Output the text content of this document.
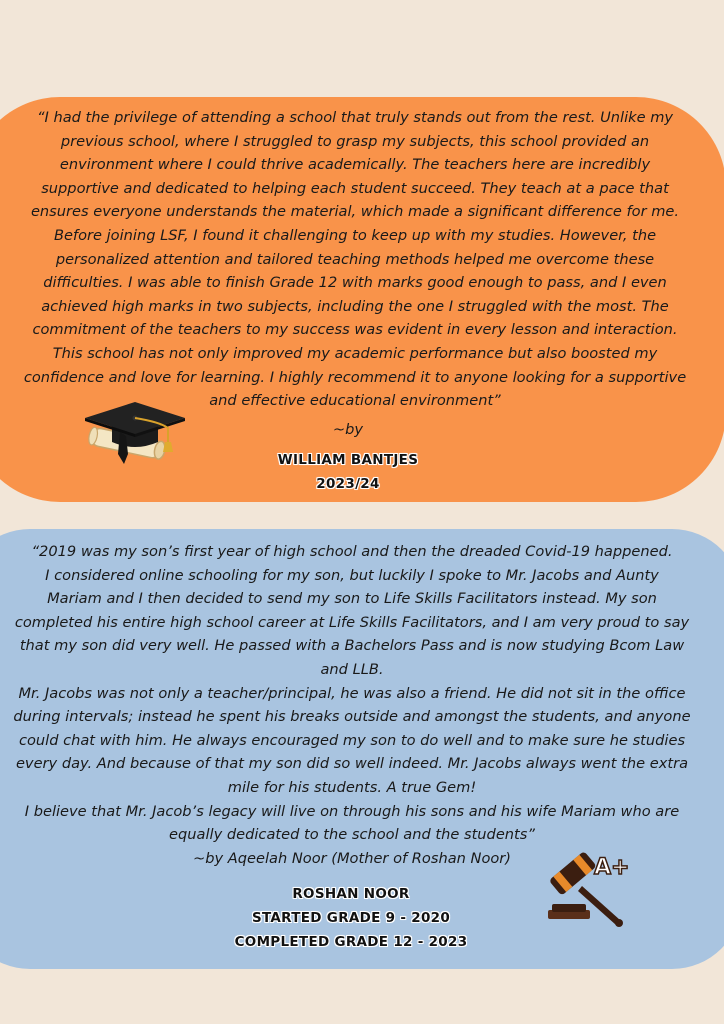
“I had the privilege of attending a school that truly stands out from the rest. Unlike my
previous school, where I struggled to grasp my subjects, this school provided an
environment where I could thrive academically. The teachers here are incredibly
supportive and dedicated to helping each student succeed. They teach at a pace that
ensures everyone understands the material, which made a significant difference for me.
Before joining LSF, I found it challenging to keep up with my studies. However, the
personalized attention and tailored teaching methods helped me overcome these
difficulties. I was able to finish Grade 12 with marks good enough to pass, and I even
achieved high marks in two subjects, including the one I struggled with the most. The
commitment of the teachers to my success was evident in every lesson and interaction.
This school has not only improved my academic performance but also boosted my
confidence and love for learning. I highly recommend it to anyone looking for a supportive
and effective educational environment”

~by
WILLIAM BANTJES
2023/24

“2019 was my son’s first year of high school and then the dreaded Covid-19 happened.
I considered online schooling for my son, but luckily I spoke to Mr. Jacobs and Aunty
Mariam and I then decided to send my son to Life Skills Facilitators instead. My son
completed his entire high school career at Life Skills Facilitators, and I am very proud to say
that my son did very well. He passed with a Bachelors Pass and is now studying Bcom Law
and LLB.
Mr. Jacobs was not only a teacher/principal, he was also a friend. He did not sit in the office
during intervals; instead he spent his breaks outside and amongst the students, and anyone
could chat with him. He always encouraged my son to do well and to make sure he studies
every day. And because of that my son did so well indeed. Mr. Jacobs always went the extra
mile for his students. A true Gem!
I believe that Mr. Jacob’s legacy will live on through his sons and his wife Mariam who are
equally dedicated to the school and the students”
~by Aqeelah Noor (Mother of Roshan Noor)

ROSHAN NOOR
STARTED GRADE 9 - 2020
COMPLETED GRADE 12 - 2023
A+
